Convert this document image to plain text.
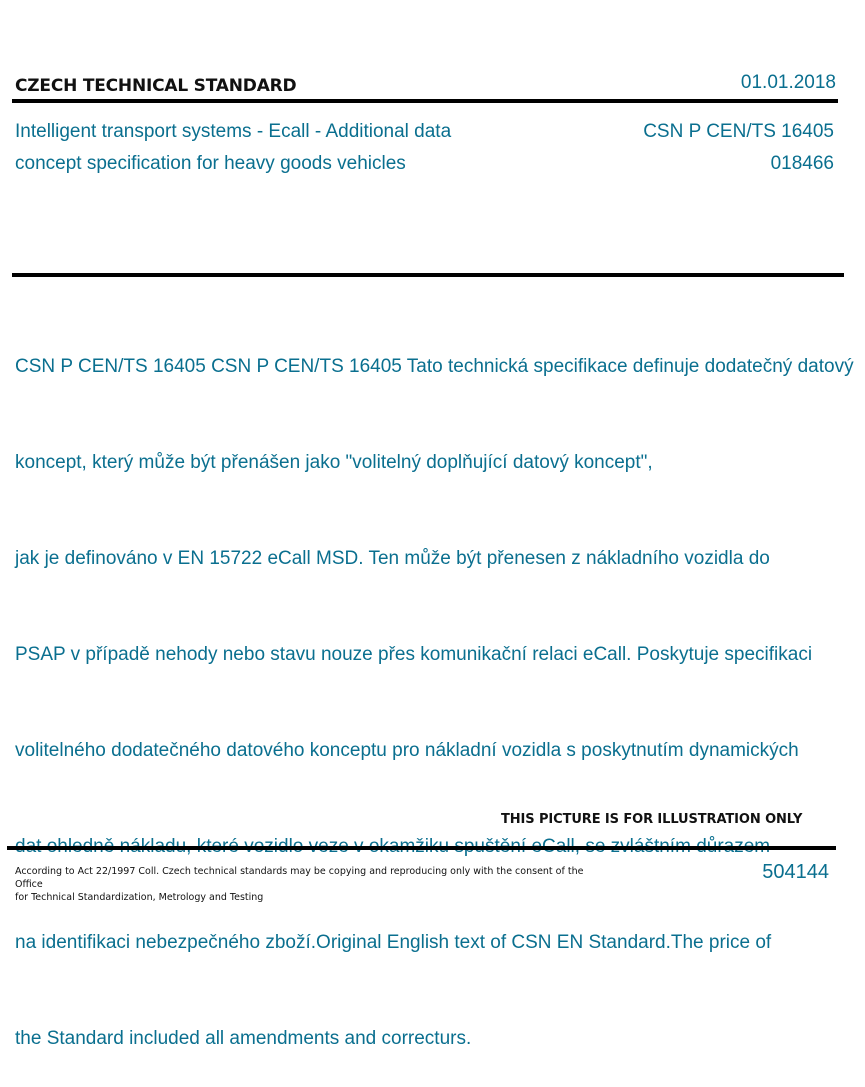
CZECH TECHNICAL STANDARD	01.01.2018
Intelligent transport systems - Ecall - Additional data
concept specification for heavy goods vehicles
CSN P CEN/TS 16405
018466

CSN P CEN/TS 16405 CSN P CEN/TS 16405 Tato technická specifikace definuje dodatečný datový

koncept, který může být přenášen jako "volitelný doplňující datový koncept",

jak je definováno v EN 15722 eCall MSD. Ten může být přenesen z nákladního vozidla do

PSAP v případě nehody nebo stavu nouze přes komunikační relaci eCall. Poskytuje specifikaci

volitelného dodatečného datového konceptu pro nákladní vozidla s poskytnutím dynamických

na identifikaci nebezpečného zboží.Original English text of CSN EN Standard.The price of

the Standard included all amendments and correcturs.

THIS PICTURE IS FOR ILLUSTRATION ONLY
According to Act 22/1997 Coll. Czech technical standards may be copying and reproducing only with the consent of the Office
for Technical Standardization, Metrology and Testing
504144
